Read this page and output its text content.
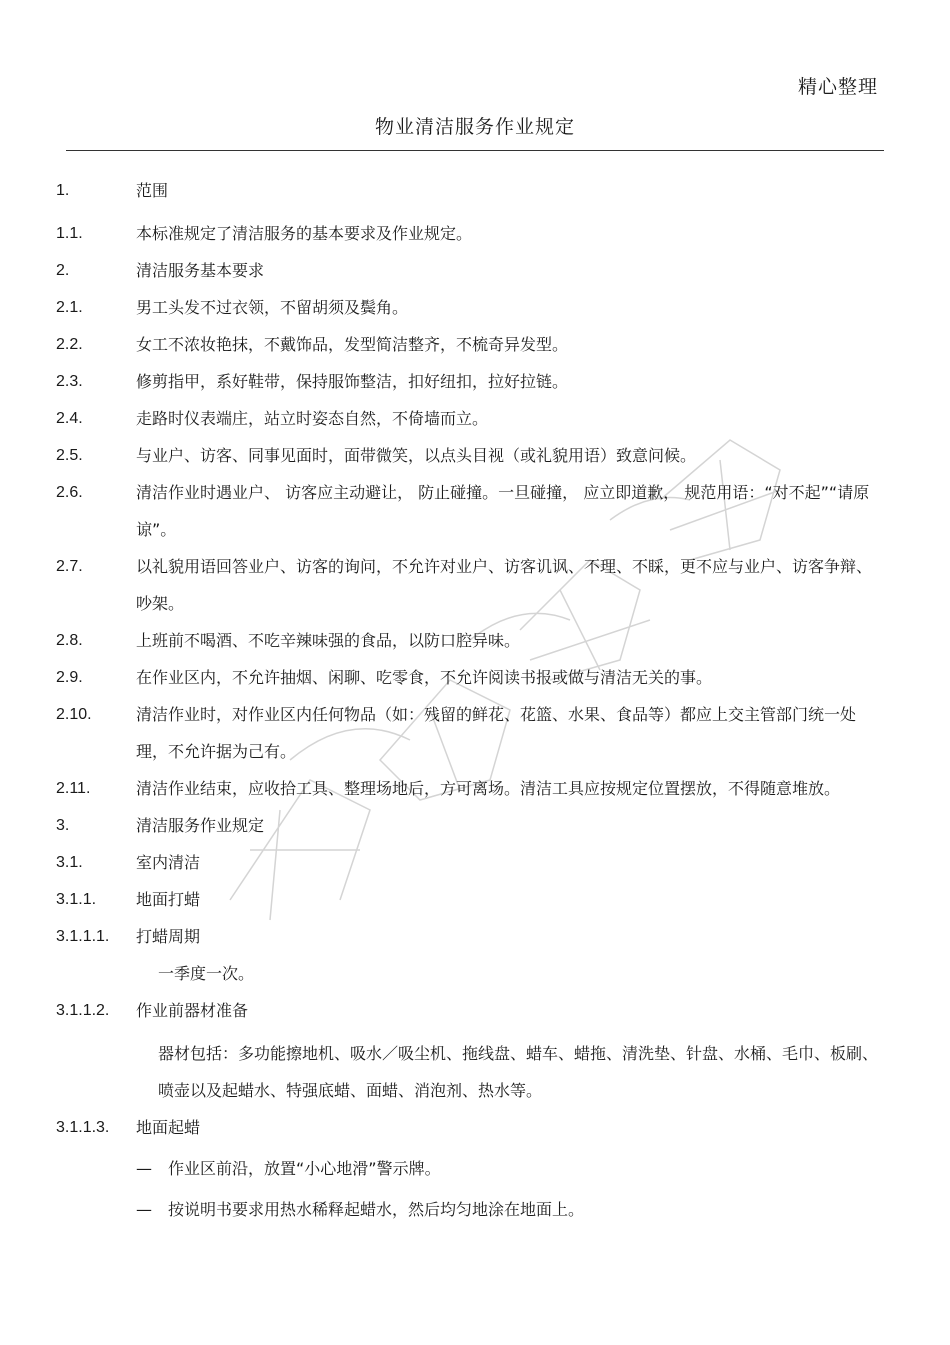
精心整理
物业清洁服务作业规定
1.	范围
1.1.	本标准规定了清洁服务的基本要求及作业规定。
2.	清洁服务基本要求
2.1.	男工头发不过衣领，不留胡须及鬓角。
2.2.	女工不浓妆艳抹，不戴饰品，发型简洁整齐，不梳奇异发型。
2.3.	修剪指甲，系好鞋带，保持服饰整洁，扣好纽扣，拉好拉链。
2.4.	走路时仪表端庄，站立时姿态自然，不倚墙而立。
2.5.	与业户、访客、同事见面时，面带微笑，以点头目视（或礼貌用语）致意问候。
2.6.	清洁作业时遇业户、 访客应主动避让， 防止碰撞。一旦碰撞， 应立即道歉， 规范用语：“对不起”“请原谅”。
2.7.	以礼貌用语回答业户、访客的询问，不允许对业户、访客讥讽、不理、不睬，更不应与业户、访客争辩、吵架。
2.8.	上班前不喝酒、不吃辛辣味强的食品，以防口腔异味。
2.9.	在作业区内，不允许抽烟、闲聊、吃零食，不允许阅读书报或做与清洁无关的事。
2.10.	清洁作业时，对作业区内任何物品（如：残留的鲜花、花篮、水果、食品等）都应上交主管部门统一处理，不允许据为己有。
2.11.	清洁作业结束，应收拾工具、整理场地后，方可离场。清洁工具应按规定位置摆放，不得随意堆放。
3.	清洁服务作业规定
3.1.	室内清洁
3.1.1.	地面打蜡
3.1.1.1.	打蜡周期
一季度一次。
3.1.1.2.	作业前器材准备
器材包括：多功能擦地机、吸水／吸尘机、拖线盘、蜡车、蜡拖、清洗垫、针盘、水桶、毛巾、板刷、喷壶以及起蜡水、特强底蜡、面蜡、消泡剂、热水等。
3.1.1.3.	地面起蜡
—	作业区前沿，放置“小心地滑”警示牌。
—	按说明书要求用热水稀释起蜡水，然后均匀地涂在地面上。
